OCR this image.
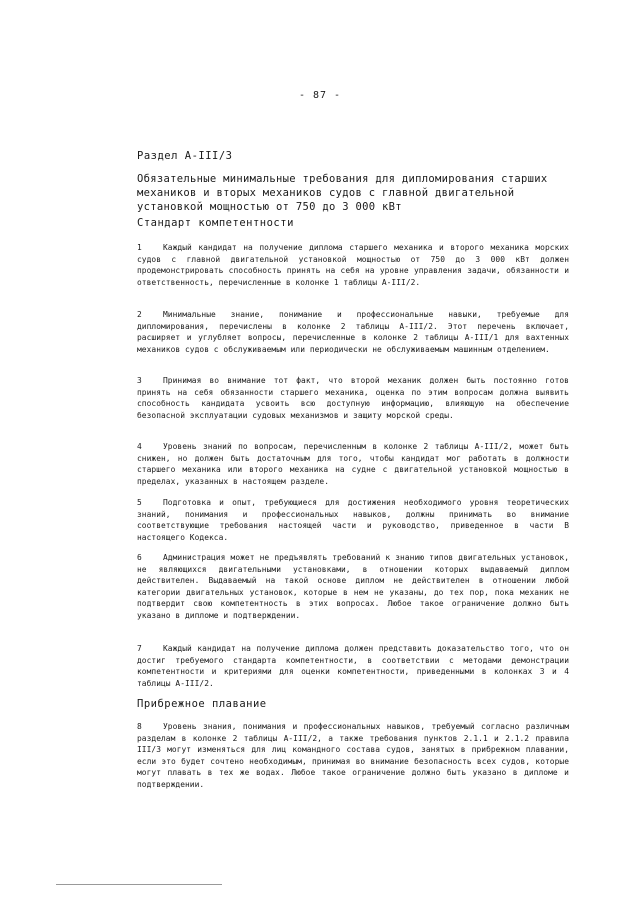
- 87 -
Раздел A-III/3
Обязательные минимальные требования для дипломирования старших
механиков и вторых механиков судов с главной двигательной
установкой мощностью от 750 до 3 000 кВт
Стандарт компетентности
1	Каждый кандидат на получение диплома старшего механика и второго механика морских судов с главной двигательной установкой мощностью от 750 до 3 000 кВт должен продемонстрировать способность принять на себя на уровне управления задачи, обязанности и ответственность, перечисленные в колонке 1 таблицы A-III/2.
2	Минимальные знание, понимание и профессиональные навыки, требуемые для дипломирования, перечислены в колонке 2 таблицы A-III/2. Этот перечень включает, расширяет и углубляет вопросы, перечисленные в колонке 2 таблицы A-III/1 для вахтенных механиков судов с обслуживаемым или периодически не обслуживаемым машинным отделением.
3	Принимая во внимание тот факт, что второй механик должен быть постоянно готов принять на себя обязанности старшего механика, оценка по этим вопросам должна выявить способность кандидата усвоить всю доступную информацию, влияющую на обеспечение безопасной эксплуатации судовых механизмов и защиту морской среды.
4	Уровень знаний по вопросам, перечисленным в колонке 2 таблицы A-III/2, может быть снижен, но должен быть достаточным для того, чтобы кандидат мог работать в должности старшего механика или второго механика на судне с двигательной установкой мощностью в пределах, указанных в настоящем разделе.
5	Подготовка и опыт, требующиеся для достижения необходимого уровня теоретических знаний, понимания и профессиональных навыков, должны принимать во внимание соответствующие требования настоящей части и руководство, приведенное в части B настоящего Кодекса.
6	Администрация может не предъявлять требований к знанию типов двигательных установок, не являющихся двигательными установками, в отношении которых выдаваемый диплом действителен. Выдаваемый на такой основе диплом не действителен в отношении любой категории двигательных установок, которые в нем не указаны, до тех пор, пока механик не подтвердит свою компетентность в этих вопросах. Любое такое ограничение должно быть указано в дипломе и подтверждении.
7	Каждый кандидат на получение диплома должен представить доказательство того, что он достиг требуемого стандарта компетентности, в соответствии с методами демонстрации компетентности и критериями для оценки компетентности, приведенными в колонках 3 и 4 таблицы A-III/2.
Прибрежное плавание
8	Уровень знания, понимания и профессиональных навыков, требуемый согласно различным разделам в колонке 2 таблицы A-III/2, а также требования пунктов 2.1.1 и 2.1.2 правила III/3 могут изменяться для лиц командного состава судов, занятых в прибрежном плавании, если это будет сочтено необходимым, принимая во внимание безопасность всех судов, которые могут плавать в тех же водах. Любое такое ограничение должно быть указано в дипломе и подтверждении.
